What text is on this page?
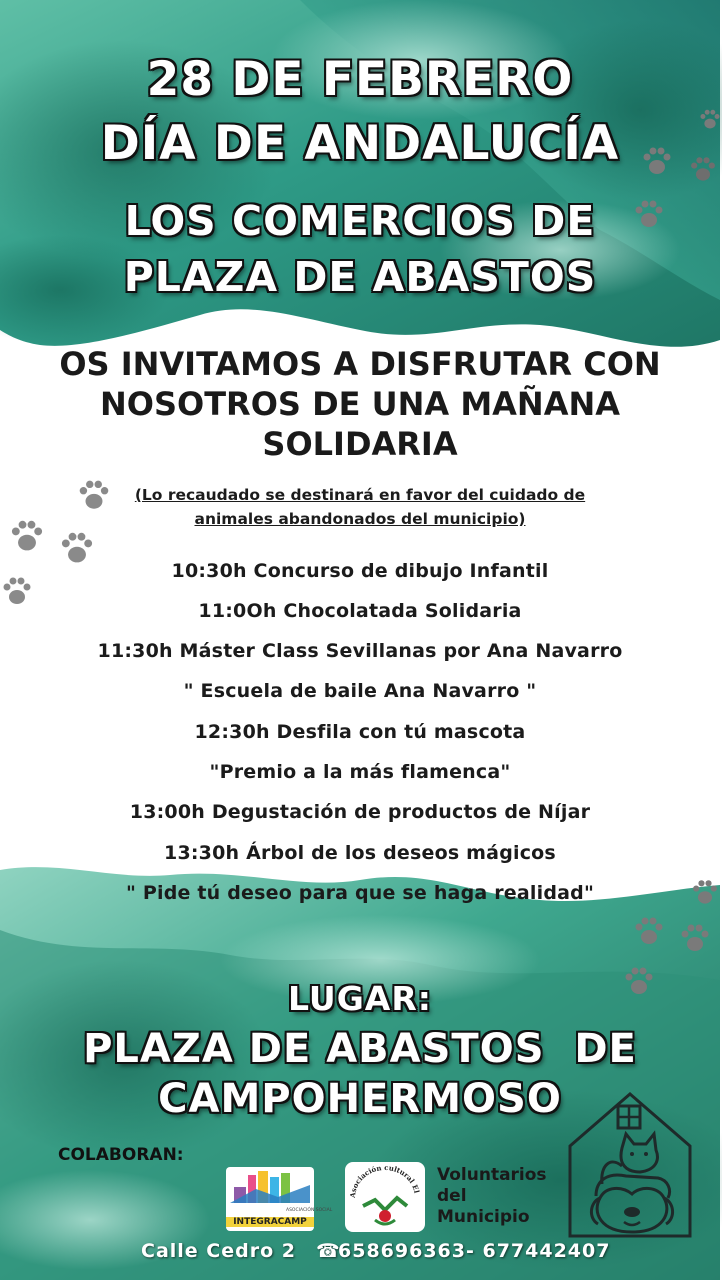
28 DE FEBRERO
DÍA DE ANDALUCÍA
LOS COMERCIOS DE
PLAZA DE ABASTOS
OS INVITAMOS A DISFRUTAR CON
NOSOTROS DE UNA MAÑANA
SOLIDARIA
(Lo recaudado se destinará en favor del cuidado de
animales abandonados del municipio)
10:30h Concurso de dibujo Infantil
11:0Oh Chocolatada Solidaria
11:30h Máster Class Sevillanas por Ana Navarro
" Escuela de baile Ana Navarro "
12:30h Desfila con tú mascota
"Premio a la más flamenca"
13:00h Degustación de productos de Níjar
13:30h Árbol de los deseos mágicos
" Pide tú deseo para que se haga realidad"
LUGAR:
PLAZA DE ABASTOS  DE
CAMPOHERMOSO
COLABORAN:
ASOCIACIÓN SOCIAL
INTEGRACAMP
Asociación cultural El
Voluntarios
del
Municipio
Calle Cedro 2 ☎
658696363- 677442407
